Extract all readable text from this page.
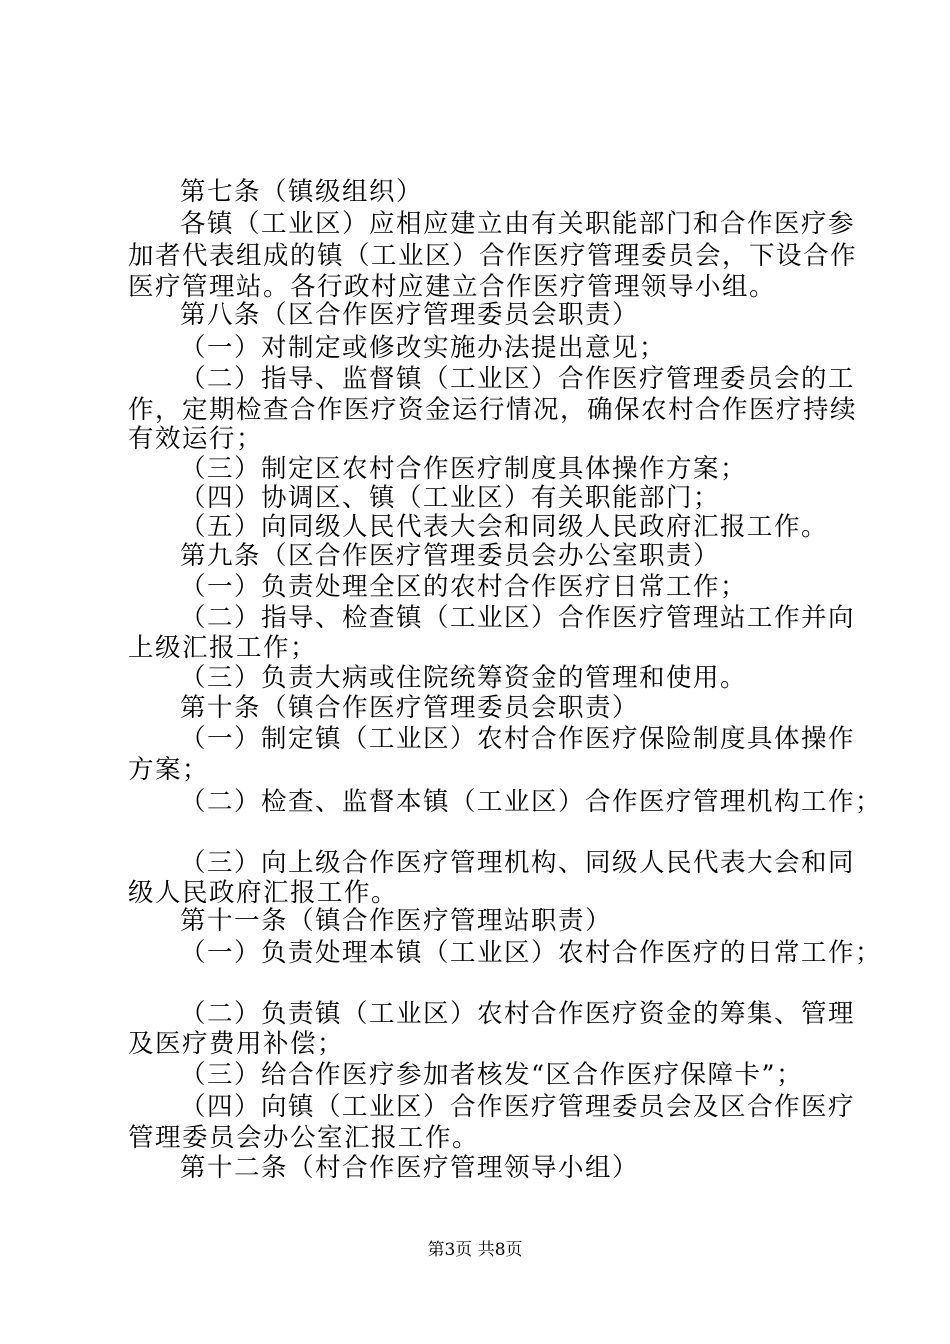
第七条（镇级组织）

各镇（工业区）应相应建立由有关职能部门和合作医疗参

加者代表组成的镇（工业区）合作医疗管理委员会，下设合作

医疗管理站。各行政村应建立合作医疗管理领导小组。

第八条（区合作医疗管理委员会职责）

（一）对制定或修改实施办法提出意见；

（二）指导、监督镇（工业区）合作医疗管理委员会的工

作，定期检查合作医疗资金运行情况，确保农村合作医疗持续

有效运行；

（三）制定区农村合作医疗制度具体操作方案；

（四）协调区、镇（工业区）有关职能部门；

（五）向同级人民代表大会和同级人民政府汇报工作。

第九条（区合作医疗管理委员会办公室职责）

（一）负责处理全区的农村合作医疗日常工作；

（二）指导、检查镇（工业区）合作医疗管理站工作并向

上级汇报工作；

（三）负责大病或住院统筹资金的管理和使用。

第十条（镇合作医疗管理委员会职责）

（一）制定镇（工业区）农村合作医疗保险制度具体操作

方案；

（二）检查、监督本镇（工业区）合作医疗管理机构工作；

（三）向上级合作医疗管理机构、同级人民代表大会和同

级人民政府汇报工作。

第十一条（镇合作医疗管理站职责）

（一）负责处理本镇（工业区）农村合作医疗的日常工作；

（二）负责镇（工业区）农村合作医疗资金的筹集、管理

及医疗费用补偿；

（三）给合作医疗参加者核发“区合作医疗保障卡”；

（四）向镇（工业区）合作医疗管理委员会及区合作医疗

管理委员会办公室汇报工作。

第十二条（村合作医疗管理领导小组）

第3页 共8页
